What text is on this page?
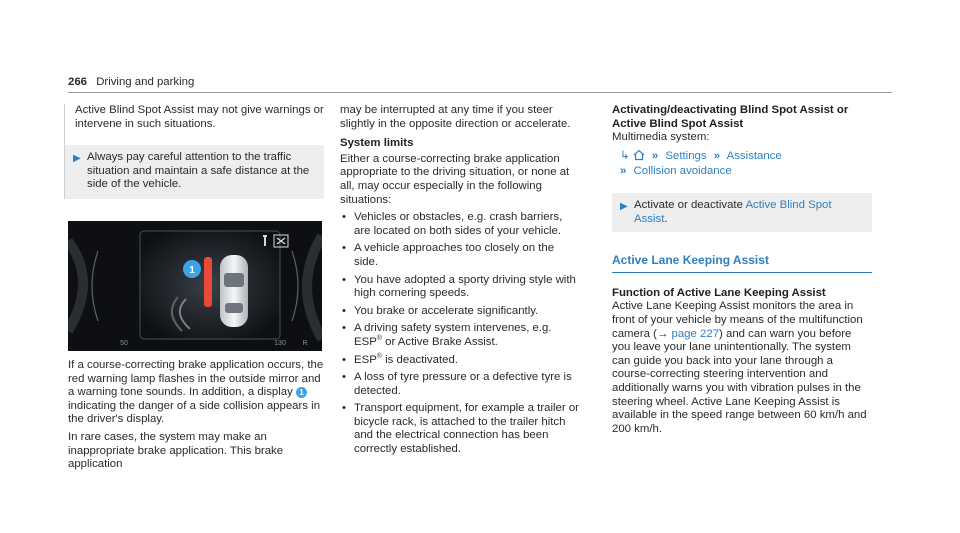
266 Driving and parking

Active Blind Spot Assist may not give warnings or intervene in such situations.

▶ Always pay careful attention to the traffic situation and maintain a safe distance at the side of the vehicle.
1
50	130 R

If a course-correcting brake application occurs, the red warning lamp flashes in the outside mirror and a warning tone sounds. In addition, a display 1 indicating the danger of a side collision appears in the driver's display.

In rare cases, the system may make an inappropriate brake application. This brake application

may be interrupted at any time if you steer slightly in the opposite direction or accelerate.

System limits

Either a course-correcting brake application appropriate to the driving situation, or none at all, may occur especially in the following situations:

• Vehicles or obstacles, e.g. crash barriers, are located on both sides of your vehicle.
• A vehicle approaches too closely on the side.
• You have adopted a sporty driving style with high cornering speeds.
• You brake or accelerate significantly.
• A driving safety system intervenes, e.g. ESP® or Active Brake Assist.
• ESP® is deactivated.
• A loss of tyre pressure or a defective tyre is detected.
• Transport equipment, for example a trailer or bicycle rack, is attached to the trailer hitch and the electrical connection has been correctly established.

Activating/deactivating Blind Spot Assist or Active Blind Spot Assist

Multimedia system:

↳ » Settings » Assistance
» Collision avoidance
▶ Activate or deactivate Active Blind Spot Assist.
Active Lane Keeping Assist

Function of Active Lane Keeping Assist

Active Lane Keeping Assist monitors the area in front of your vehicle by means of the multifunction camera (→ page 227) and can warn you before you leave your lane unintentionally. The system can guide you back into your lane through a course-correcting steering intervention and additionally warns you with vibration pulses in the steering wheel. Active Lane Keeping Assist is available in the speed range between 60 km/h and 200 km/h.
